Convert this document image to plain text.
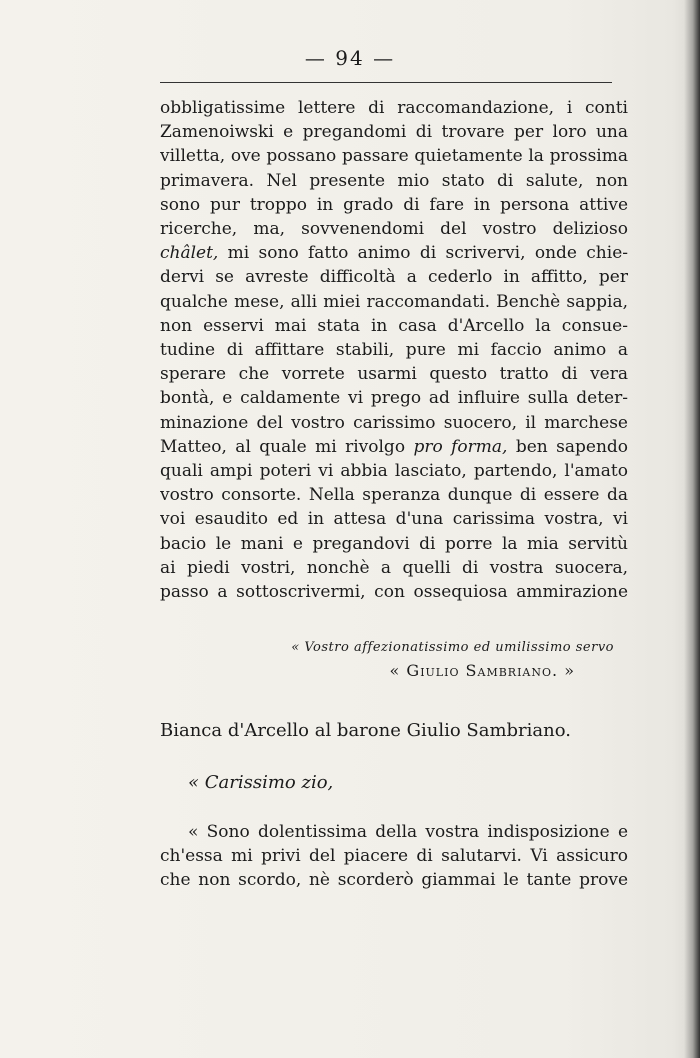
— 94 —
obbligatissime lettere di raccomandazione, i conti
Zamenoiwski e pregandomi di trovare per loro una
villetta, ove possano passare quietamente la prossima
primavera. Nel presente mio stato di salute, non
sono pur troppo in grado di fare in persona attive
ricerche, ma, sovvenendomi del vostro delizioso
châlet, mi sono fatto animo di scrivervi, onde chie-
dervi se avreste difficoltà a cederlo in affitto, per
qualche mese, alli miei raccomandati. Benchè sappia,
non esservi mai stata in casa d'Arcello la consue-
tudine di affittare stabili, pure mi faccio animo a
sperare che vorrete usarmi questo tratto di vera
bontà, e caldamente vi prego ad influire sulla deter-
minazione del vostro carissimo suocero, il marchese
Matteo, al quale mi rivolgo pro forma, ben sapendo
quali ampi poteri vi abbia lasciato, partendo, l'amato
vostro consorte. Nella speranza dunque di essere da
voi esaudito ed in attesa d'una carissima vostra, vi
bacio le mani e pregandovi di porre la mia servitù
ai piedi vostri, nonchè a quelli di vostra suocera,
passo a sottoscrivermi, con ossequiosa ammirazione
« Vostro affezionatissimo ed umilissimo servo
« Giulio Sambriano. »
Bianca d'Arcello al barone Giulio Sambriano.
« Carissimo zio,
« Sono dolentissima della vostra indisposizione e
ch'essa mi privi del piacere di salutarvi. Vi assicuro
che non scordo, nè scorderò giammai le tante prove
